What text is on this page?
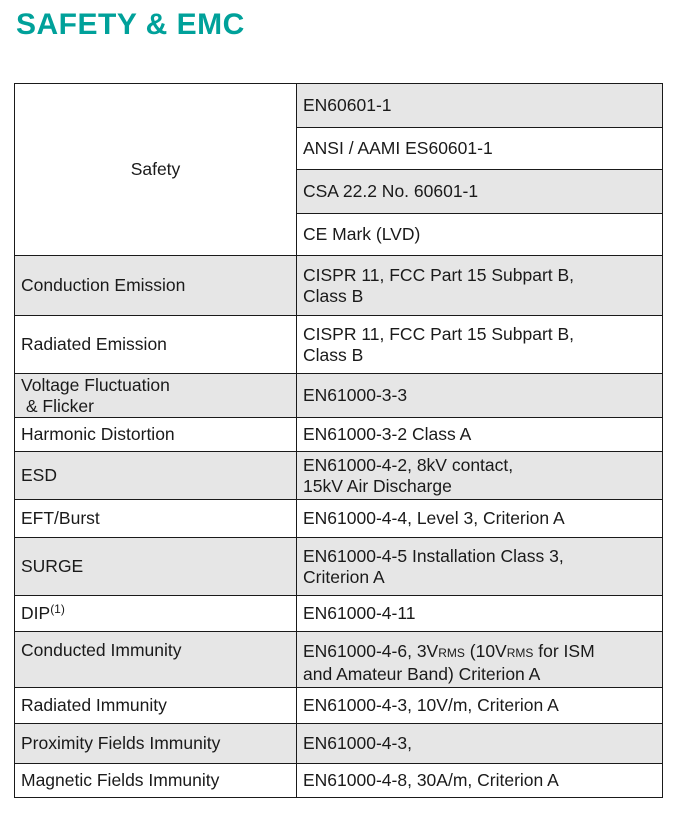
SAFETY & EMC
Safety	EN60601-1
	ANSI / AAMI ES60601-1
	CSA 22.2 No. 60601-1
	CE Mark (LVD)
Conduction Emission	CISPR 11, FCC Part 15 Subpart B,
Class B
Radiated Emission	CISPR 11, FCC Part 15 Subpart B,
Class B
Voltage Fluctuation
& Flicker	EN61000-3-3
Harmonic Distortion	EN61000-3-2 Class A
ESD	EN61000-4-2, 8kV contact,
15kV Air Discharge
EFT/Burst	EN61000-4-4, Level 3, Criterion A
SURGE	EN61000-4-5 Installation Class 3,
Criterion A
DIP$^{(1)}$	EN61000-4-11
Conducted Immunity	EN61000-4-6, 3VRMS (10VRMS for ISM
and Amateur Band) Criterion A
Radiated Immunity	EN61000-4-3, 10V/m, Criterion A
Proximity Fields Immunity	EN61000-4-3,
Magnetic Fields Immunity	EN61000-4-8, 30A/m, Criterion A
